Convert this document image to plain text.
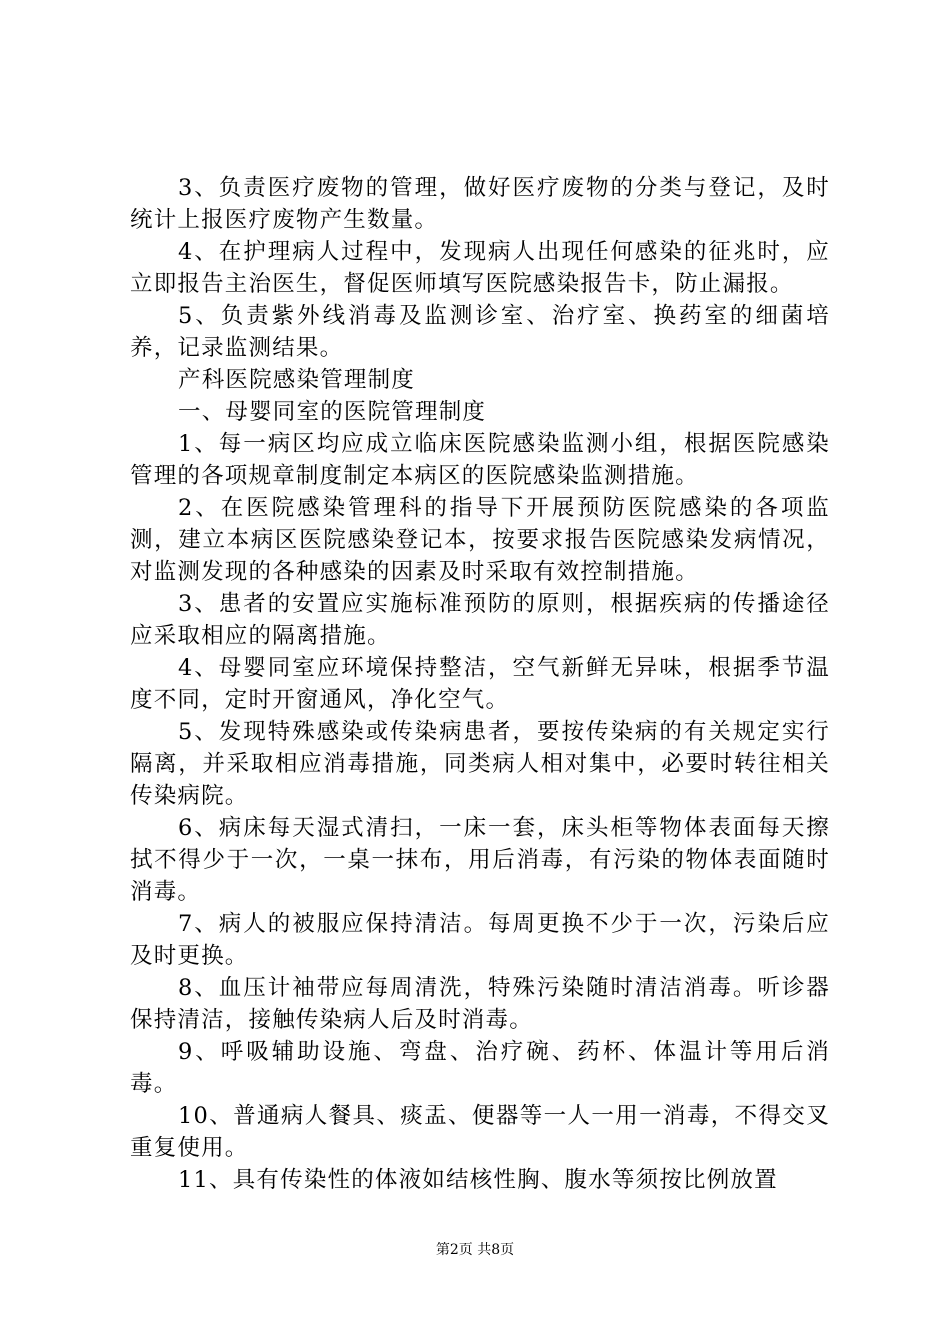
3、负责医疗废物的管理，做好医疗废物的分类与登记，及时统计上报医疗废物产生数量。

4、在护理病人过程中，发现病人出现任何感染的征兆时，应立即报告主治医生，督促医师填写医院感染报告卡，防止漏报。

5、负责紫外线消毒及监测诊室、治疗室、换药室的细菌培养，记录监测结果。

产科医院感染管理制度

一、母婴同室的医院管理制度

1、每一病区均应成立临床医院感染监测小组，根据医院感染管理的各项规章制度制定本病区的医院感染监测措施。

2、在医院感染管理科的指导下开展预防医院感染的各项监测，建立本病区医院感染登记本，按要求报告医院感染发病情况，对监测发现的各种感染的因素及时采取有效控制措施。

3、患者的安置应实施标准预防的原则，根据疾病的传播途径应采取相应的隔离措施。

4、母婴同室应环境保持整洁，空气新鲜无异味，根据季节温度不同，定时开窗通风，净化空气。

5、发现特殊感染或传染病患者，要按传染病的有关规定实行隔离，并采取相应消毒措施，同类病人相对集中，必要时转往相关传染病院。

6、病床每天湿式清扫，一床一套，床头柜等物体表面每天擦拭不得少于一次，一桌一抹布，用后消毒，有污染的物体表面随时消毒。

7、病人的被服应保持清洁。每周更换不少于一次，污染后应及时更换。

8、血压计袖带应每周清洗，特殊污染随时清洁消毒。听诊器保持清洁，接触传染病人后及时消毒。

9、呼吸辅助设施、弯盘、治疗碗、药杯、体温计等用后消毒。

10、普通病人餐具、痰盂、便器等一人一用一消毒，不得交叉重复使用。

11、具有传染性的体液如结核性胸、腹水等须按比例放置

第2页 共8页
